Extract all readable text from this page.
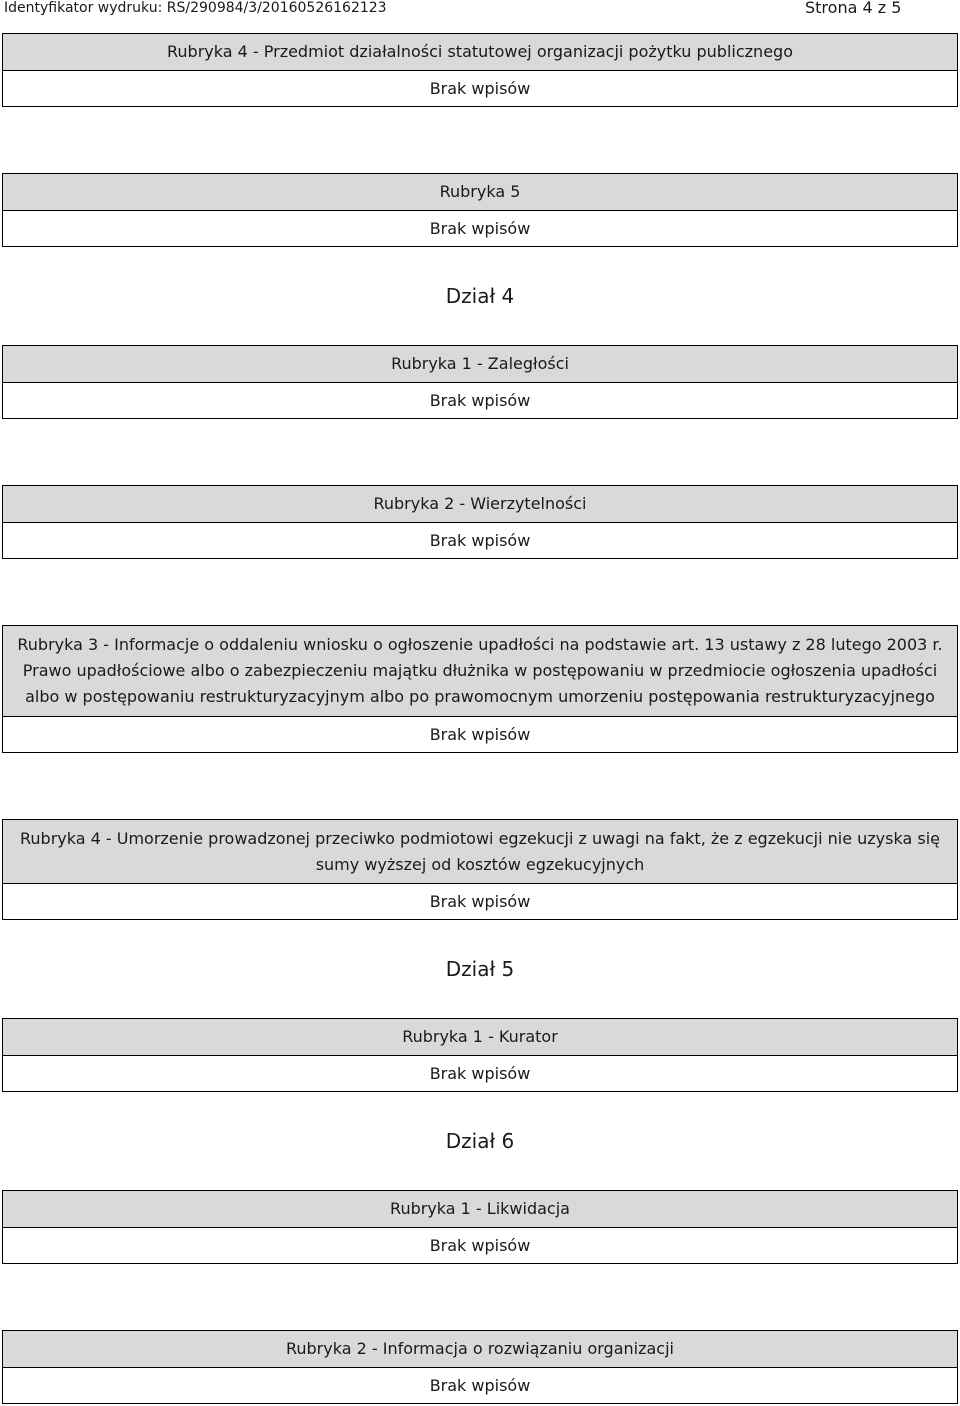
Identyfikator wydruku: RS/290984/3/20160526162123	Strona 4 z 5
Rubryka 4 - Przedmiot działalności statutowej organizacji pożytku publicznego
Brak wpisów
Rubryka 5
Brak wpisów
Dział 4
Rubryka 1 - Zaległości
Brak wpisów
Rubryka 2 - Wierzytelności
Brak wpisów
Rubryka 3 - Informacje o oddaleniu wniosku o ogłoszenie upadłości na podstawie art. 13 ustawy z 28 lutego 2003 r. Prawo upadłościowe albo o zabezpieczeniu majątku dłużnika w postępowaniu w przedmiocie ogłoszenia upadłości albo w postępowaniu restrukturyzacyjnym albo po prawomocnym umorzeniu postępowania restrukturyzacyjnego
Brak wpisów
Rubryka 4 - Umorzenie prowadzonej przeciwko podmiotowi egzekucji z uwagi na fakt, że z egzekucji nie uzyska się sumy wyższej od kosztów egzekucyjnych
Brak wpisów
Dział 5
Rubryka 1 - Kurator
Brak wpisów
Dział 6
Rubryka 1 - Likwidacja
Brak wpisów
Rubryka 2 - Informacja o rozwiązaniu organizacji
Brak wpisów
